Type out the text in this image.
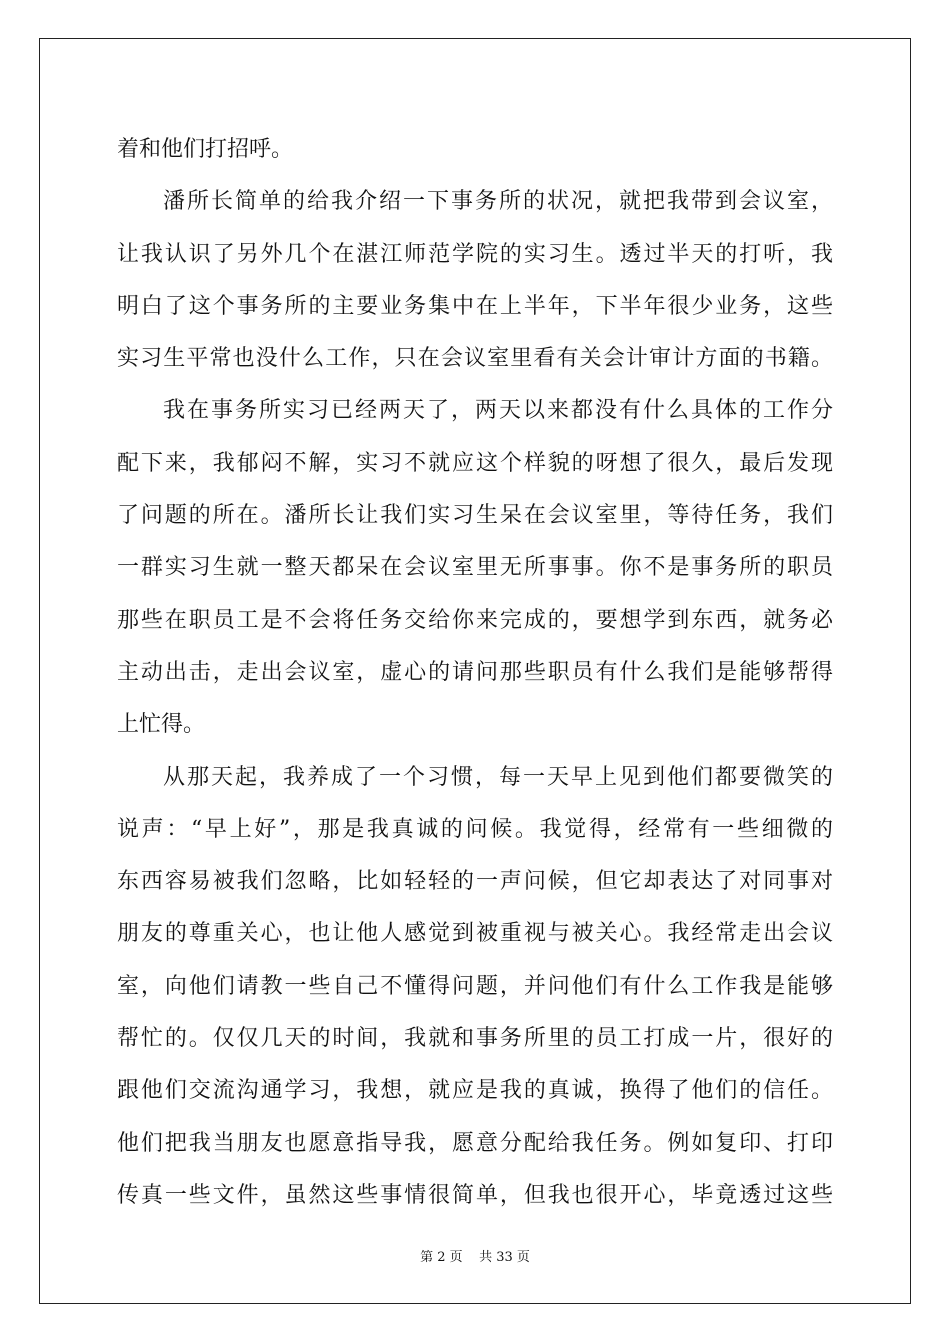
着和他们打招呼。
潘所长简单的给我介绍一下事务所的状况，就把我带到会议室，
让我认识了另外几个在湛江师范学院的实习生。透过半天的打听，我
明白了这个事务所的主要业务集中在上半年，下半年很少业务，这些
实习生平常也没什么工作，只在会议室里看有关会计审计方面的书籍。
我在事务所实习已经两天了，两天以来都没有什么具体的工作分
配下来，我郁闷不解，实习不就应这个样貌的呀想了很久，最后发现
了问题的所在。潘所长让我们实习生呆在会议室里，等待任务，我们
一群实习生就一整天都呆在会议室里无所事事。你不是事务所的职员
那些在职员工是不会将任务交给你来完成的，要想学到东西，就务必
主动出击，走出会议室，虚心的请问那些职员有什么我们是能够帮得
上忙得。
从那天起，我养成了一个习惯，每一天早上见到他们都要微笑的
说声：“早上好”，那是我真诚的问候。我觉得，经常有一些细微的
东西容易被我们忽略，比如轻轻的一声问候，但它却表达了对同事对
朋友的尊重关心，也让他人感觉到被重视与被关心。我经常走出会议
室，向他们请教一些自己不懂得问题，并问他们有什么工作我是能够
帮忙的。仅仅几天的时间，我就和事务所里的员工打成一片，很好的
跟他们交流沟通学习，我想，就应是我的真诚，换得了他们的信任。
他们把我当朋友也愿意指导我，愿意分配给我任务。例如复印、打印
传真一些文件，虽然这些事情很简单，但我也很开心，毕竟透过这些
第 2 页    共 33 页
